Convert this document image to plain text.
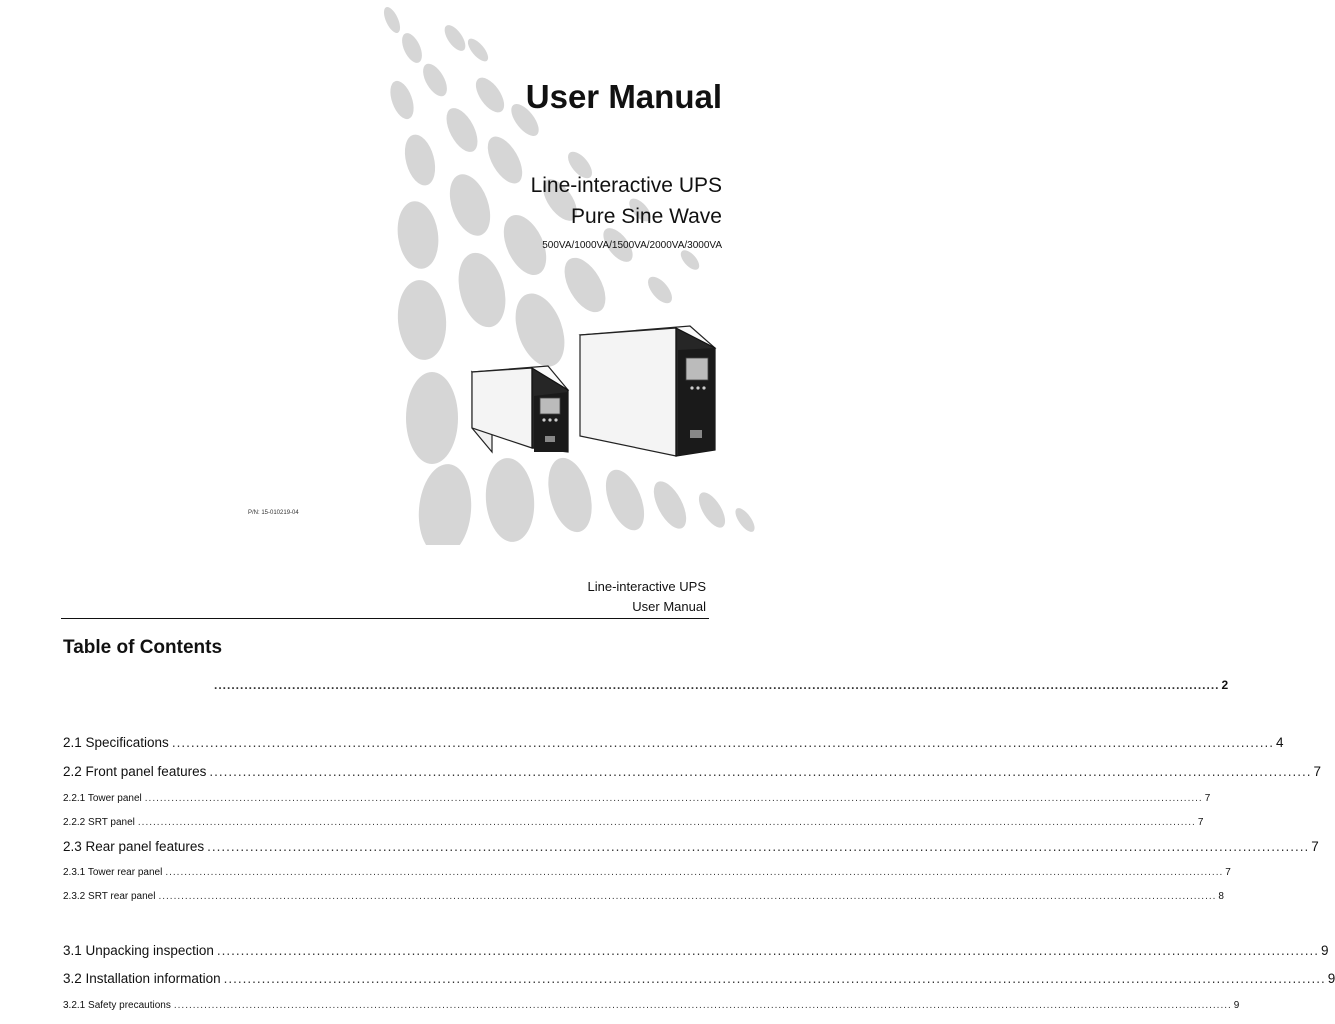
User Manual
Line-interactive UPS
Pure Sine Wave
500VA/1000VA/1500VA/2000VA/3000VA
P/N: 15-010219-04
Line-interactive UPS
User Manual
Table of Contents
........................................................................................................................................................................................................................................ 2
2.1 Specifications ........................................................................................................................................................................................................................................ 4
2.2 Front panel features ........................................................................................................................................................................................................................................ 7
2.2.1 Tower panel ........................................................................................................................................................................................................................................................................................ 7
2.2.2 SRT panel ........................................................................................................................................................................................................................................................................................ 7
2.3 Rear panel features ........................................................................................................................................................................................................................................ 7
2.3.1 Tower rear panel ........................................................................................................................................................................................................................................................................................ 7
2.3.2 SRT rear panel ........................................................................................................................................................................................................................................................................................ 8
3.1 Unpacking inspection ........................................................................................................................................................................................................................................ 9
3.2 Installation information ........................................................................................................................................................................................................................................ 9
3.2.1 Safety precautions ........................................................................................................................................................................................................................................................................................ 9
